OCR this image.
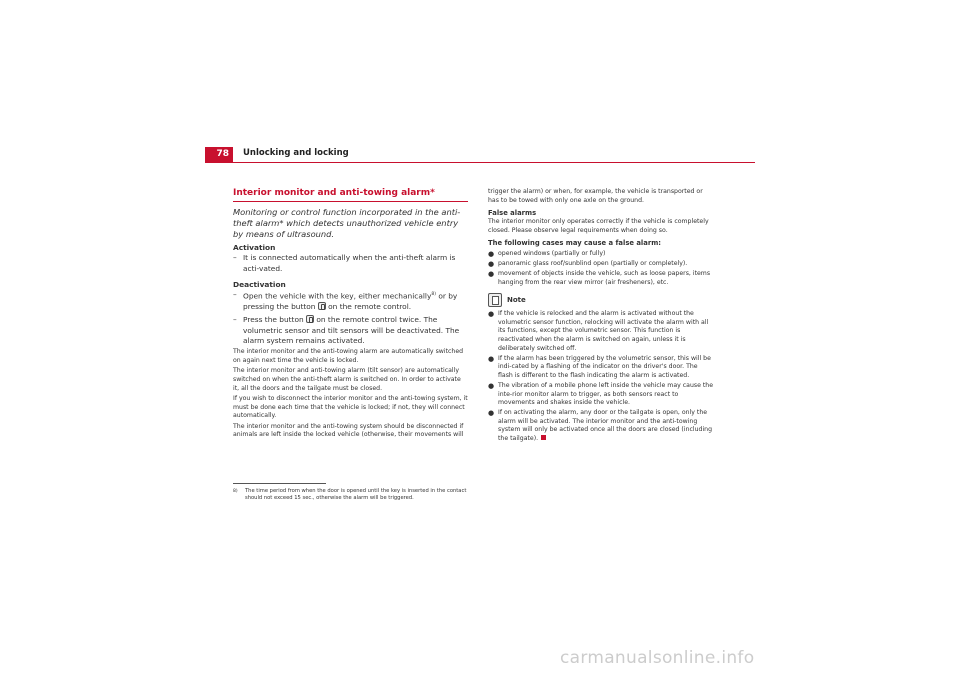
78	Unlocking and locking
Interior monitor and anti-towing alarm*
Monitoring or control function incorporated in the anti-theft alarm* which detects unauthorized vehicle entry by means of ultrasound.
Activation
– It is connected automatically when the anti-theft alarm is acti-vated.
Deactivation
– Open the vehicle with the key, either mechanically$^{8)}$ or by pressing the button  on the remote control.
– Press the button  on the remote control twice. The volumetric sensor and tilt sensors will be deactivated. The alarm system remains activated.
The interior monitor and the anti-towing alarm are automatically switched on again next time the vehicle is locked.
The interior monitor and anti-towing alarm (tilt sensor) are automatically switched on when the anti-theft alarm is switched on. In order to activate it, all the doors and the tailgate must be closed.
If you wish to disconnect the interior monitor and the anti-towing system, it must be done each time that the vehicle is locked; if not, they will connect automatically.
The interior monitor and the anti-towing system should be disconnected if animals are left inside the locked vehicle (otherwise, their movements will
8) The time period from when the door is opened until the key is inserted in the contact should not exceed 15 sec., otherwise the alarm will be triggered.
trigger the alarm) or when, for example, the vehicle is transported or has to be towed with only one axle on the ground.
False alarms
The interior monitor only operates correctly if the vehicle is completely closed. Please observe legal requirements when doing so.
The following cases may cause a false alarm:
● opened windows (partially or fully)
● panoramic glass roof/sunblind open (partially or completely).
● movement of objects inside the vehicle, such as loose papers, items hanging from the rear view mirror (air fresheners), etc.
Note
● If the vehicle is relocked and the alarm is activated without the volumetric sensor function, relocking will activate the alarm with all its functions, except the volumetric sensor. This function is reactivated when the alarm is switched on again, unless it is deliberately switched off.
● If the alarm has been triggered by the volumetric sensor, this will be indi-cated by a flashing of the indicator on the driver's door. The flash is different to the flash indicating the alarm is activated.
● The vibration of a mobile phone left inside the vehicle may cause the inte-rior monitor alarm to trigger, as both sensors react to movements and shakes inside the vehicle.
● If on activating the alarm, any door or the tailgate is open, only the alarm will be activated. The interior monitor and the anti-towing system will only be activated once all the doors are closed (including the tailgate).
carmanualsonline.info
